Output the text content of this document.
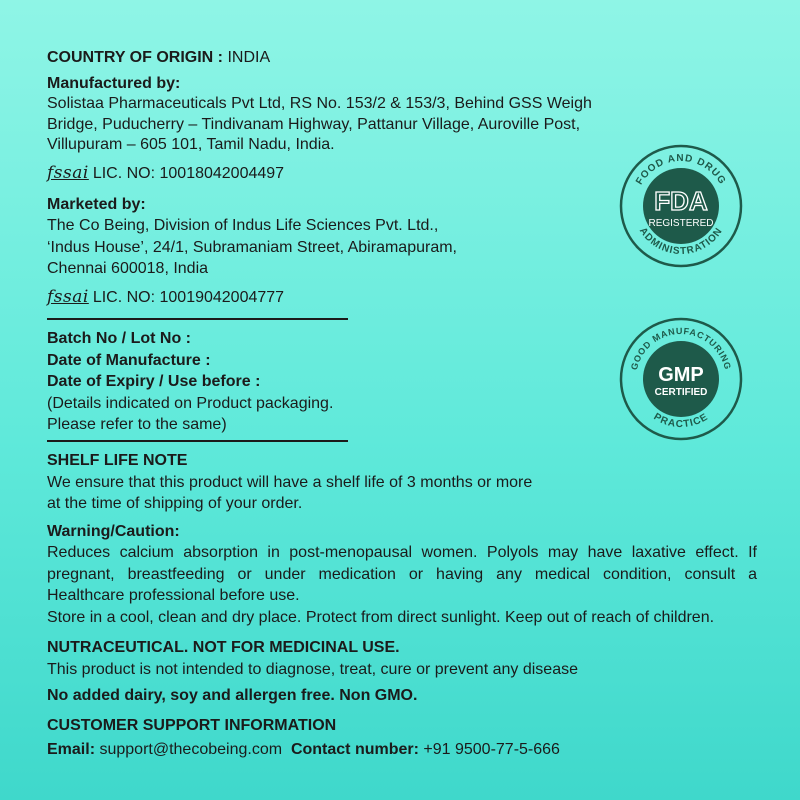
COUNTRY OF ORIGIN : INDIA
Manufactured by:
Solistaa Pharmaceuticals Pvt Ltd, RS No. 153/2 & 153/3, Behind GSS Weigh
Bridge, Puducherry – Tindivanam Highway, Pattanur Village, Auroville Post,
Villupuram – 605 101, Tamil Nadu, India.
fssai LIC. NO: 10018042004497
Marketed by:
The Co Being, Division of Indus Life Sciences Pvt. Ltd.,
‘Indus House’, 24/1, Subramaniam Street, Abiramapuram,
Chennai 600018, India
fssai LIC. NO: 10019042004777
Batch No / Lot No :
Date of Manufacture :
Date of Expiry / Use before :
(Details indicated on Product packaging.
Please refer to the same)
SHELF LIFE NOTE
We ensure that this product will have a shelf life of 3 months or more
at the time of shipping of your order.
Warning/Caution:
Reduces calcium absorption in post-menopausal women. Polyols may have laxative effect. If
pregnant, breastfeeding or under medication or having any medical condition, consult a
Healthcare professional before use.
Store in a cool, clean and dry place. Protect from direct sunlight. Keep out of reach of children.
NUTRACEUTICAL. NOT FOR MEDICINAL USE.
This product is not intended to diagnose, treat, cure or prevent any disease
No added dairy, soy and allergen free. Non GMO.
CUSTOMER SUPPORT INFORMATION
Email: support@thecobeing.com Contact number: +91 9500-77-5-666
FOOD AND DRUG
ADMINISTRATION
FDA
REGISTERED
GOOD MANUFACTURING
PRACTICE
GMP
CERTIFIED
